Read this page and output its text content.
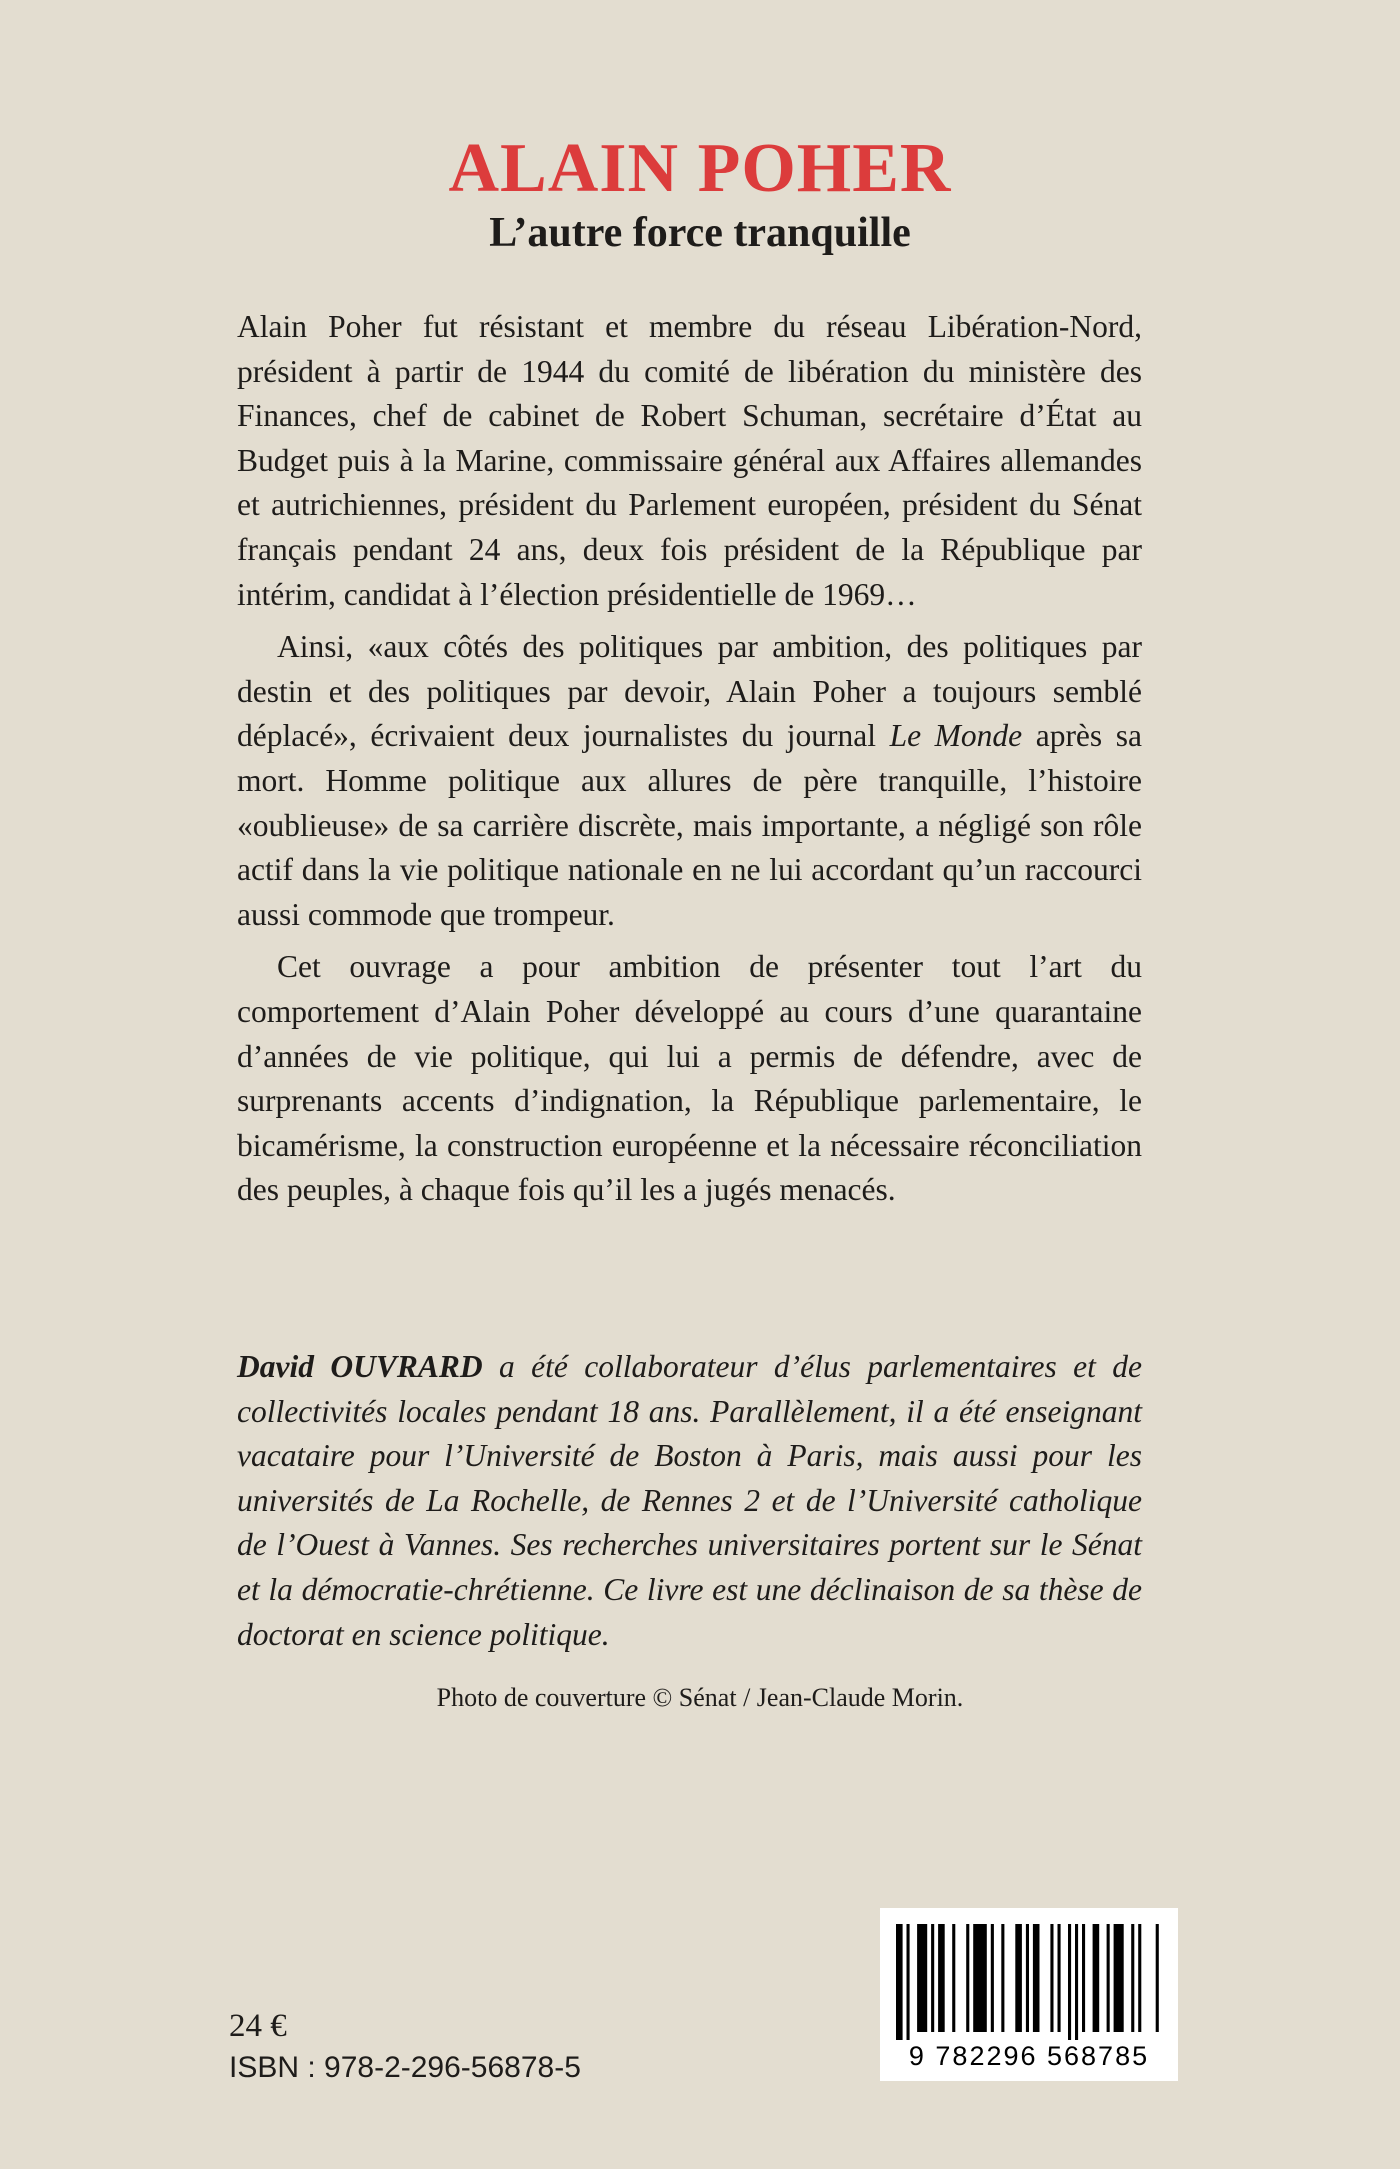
ALAIN POHER
L’autre force tranquille

Alain Poher fut résistant et membre du réseau Libération-Nord, président à partir de 1944 du comité de libération du ministère des Finances, chef de cabinet de Robert Schuman, secrétaire d’État au Budget puis à la Marine, commissaire général aux Affaires allemandes et autrichiennes, président du Parlement européen, président du Sénat français pendant 24 ans, deux fois président de la République par intérim, candidat à l’élection présidentielle de 1969…

Ainsi, «aux côtés des politiques par ambition, des politiques par destin et des politiques par devoir, Alain Poher a toujours semblé déplacé», écrivaient deux journalistes du journal Le Monde après sa mort. Homme politique aux allures de père tranquille, l’histoire «oublieuse» de sa carrière discrète, mais importante, a négligé son rôle actif dans la vie politique nationale en ne lui accordant qu’un raccourci aussi commode que trompeur.

Cet ouvrage a pour ambition de présenter tout l’art du comportement d’Alain Poher développé au cours d’une quarantaine d’années de vie politique, qui lui a permis de défendre, avec de surprenants accents d’indignation, la République parlementaire, le bicamérisme, la construction européenne et la nécessaire réconciliation des peuples, à chaque fois qu’il les a jugés menacés.

David OUVRARD a été collaborateur d’élus parlementaires et de collectivités locales pendant 18 ans. Parallèlement, il a été enseignant vacataire pour l’Université de Boston à Paris, mais aussi pour les universités de La Rochelle, de Rennes 2 et de l’Université catholique de l’Ouest à Vannes. Ses recherches universitaires portent sur le Sénat et la démocratie-chrétienne. Ce livre est une déclinaison de sa thèse de doctorat en science politique.

Photo de couverture © Sénat / Jean-Claude Morin.

24 €

ISBN : 978-2-296-56878-5	9 782296 568785
